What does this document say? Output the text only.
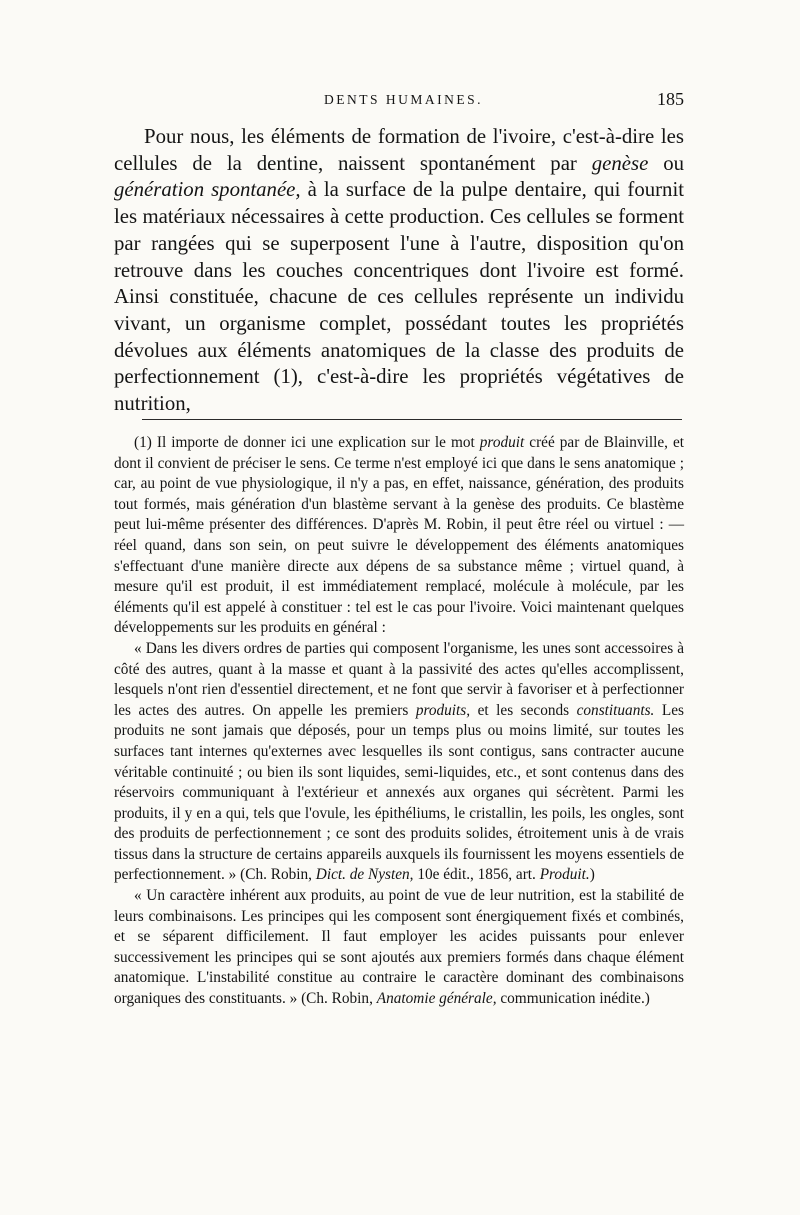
DENTS HUMAINES.	185

Pour nous, les éléments de formation de l'ivoire, c'est-à-dire les cellules de la dentine, naissent spontanément par genèse ou génération spontanée, à la surface de la pulpe dentaire, qui fournit les matériaux nécessaires à cette production. Ces cellules se forment par rangées qui se superposent l'une à l'autre, disposition qu'on retrouve dans les couches concentriques dont l'ivoire est formé. Ainsi constituée, chacune de ces cellules représente un individu vivant, un organisme complet, possédant toutes les propriétés dévolues aux éléments anatomiques de la classe des produits de perfectionnement (1), c'est-à-dire les propriétés végétatives de nutrition,

(1) Il importe de donner ici une explication sur le mot produit créé par de Blainville, et dont il convient de préciser le sens. Ce terme n'est employé ici que dans le sens anatomique ; car, au point de vue physiologique, il n'y a pas, en effet, naissance, génération, des produits tout formés, mais génération d'un blastème servant à la genèse des produits. Ce blastème peut lui-même présenter des différences. D'après M. Robin, il peut être réel ou virtuel : — réel quand, dans son sein, on peut suivre le développement des éléments anatomiques s'effectuant d'une manière directe aux dépens de sa substance même ; virtuel quand, à mesure qu'il est produit, il est immédiatement remplacé, molécule à molécule, par les éléments qu'il est appelé à constituer : tel est le cas pour l'ivoire. Voici maintenant quelques développements sur les produits en général :

« Dans les divers ordres de parties qui composent l'organisme, les unes sont accessoires à côté des autres, quant à la masse et quant à la passivité des actes qu'elles accomplissent, lesquels n'ont rien d'essentiel directement, et ne font que servir à favoriser et à perfectionner les actes des autres. On appelle les premiers produits, et les seconds constituants. Les produits ne sont jamais que déposés, pour un temps plus ou moins limité, sur toutes les surfaces tant internes qu'externes avec lesquelles ils sont contigus, sans contracter aucune véritable continuité ; ou bien ils sont liquides, semi-liquides, etc., et sont contenus dans des réservoirs communiquant à l'extérieur et annexés aux organes qui sécrètent. Parmi les produits, il y en a qui, tels que l'ovule, les épithéliums, le cristallin, les poils, les ongles, sont des produits de perfectionnement ; ce sont des produits solides, étroitement unis à de vrais tissus dans la structure de certains appareils auxquels ils fournissent les moyens essentiels de perfectionnement. » (Ch. Robin, Dict. de Nysten, 10e édit., 1856, art. Produit.)

« Un caractère inhérent aux produits, au point de vue de leur nutrition, est la stabilité de leurs combinaisons. Les principes qui les composent sont énergiquement fixés et combinés, et se séparent difficilement. Il faut employer les acides puissants pour enlever successivement les principes qui se sont ajoutés aux premiers formés dans chaque élément anatomique. L'instabilité constitue au contraire le caractère dominant des combinaisons organiques des constituants. » (Ch. Robin, Anatomie générale, communication inédite.)
